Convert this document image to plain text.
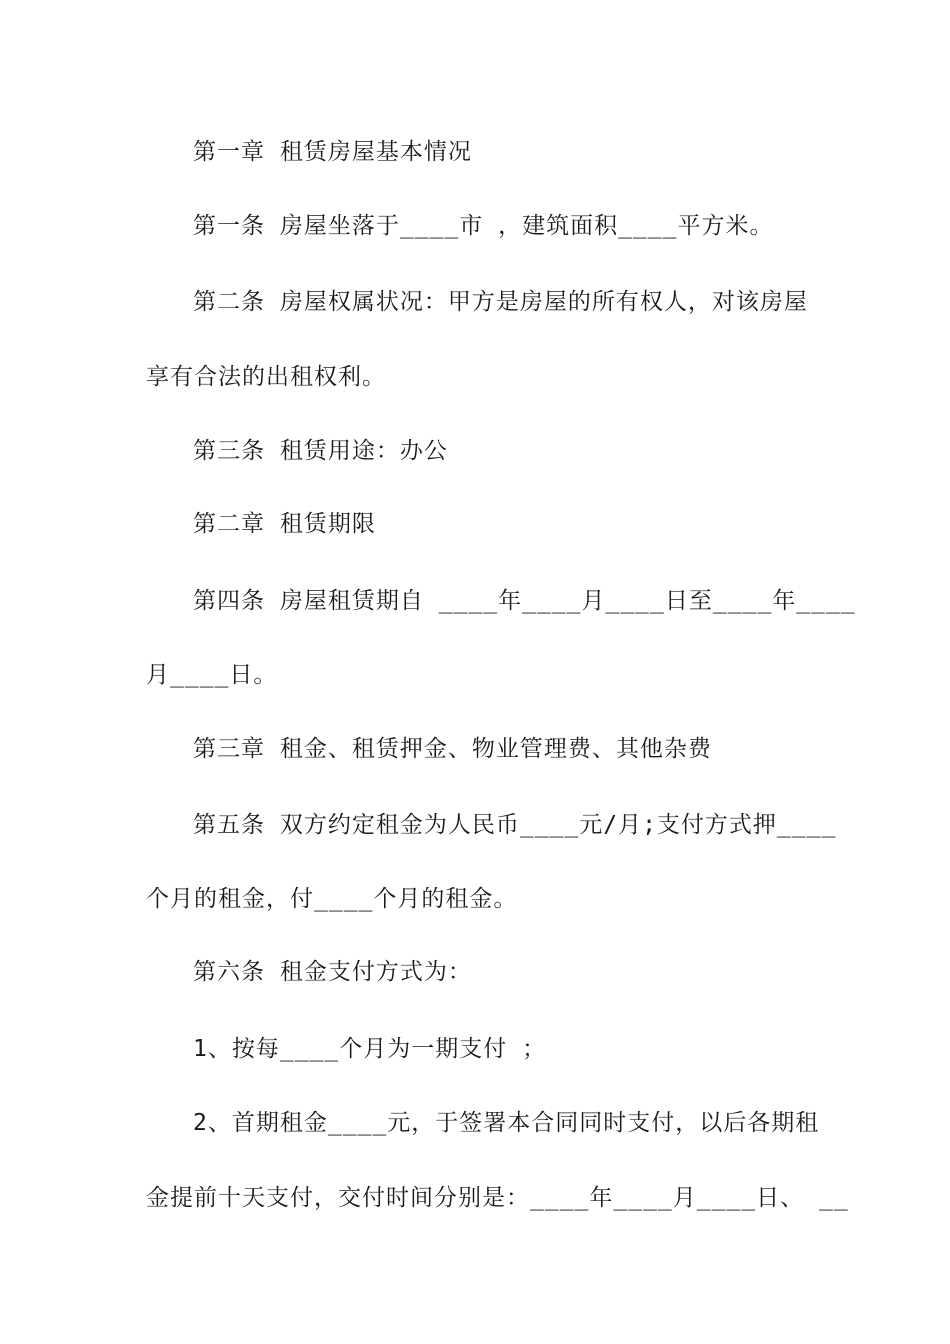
第一章 租赁房屋基本情况
第一条 房屋坐落于____市 ，建筑面积____平方米。
第二条 房屋权属状况：甲方是房屋的所有权人，对该房屋
享有合法的出租权利。
第三条 租赁用途：办公
第二章 租赁期限
第四条 房屋租赁期自 ____年____月____日至____年____
月____日。
第三章 租金、租赁押金、物业管理费、其他杂费
第五条 双方约定租金为人民币____元/月;支付方式押____
个月的租金，付____个月的租金。
第六条 租金支付方式为：
1、按每____个月为一期支付 ；
2、首期租金____元，于签署本合同同时支付，以后各期租
金提前十天支付，交付时间分别是：____年____月____日、 __
